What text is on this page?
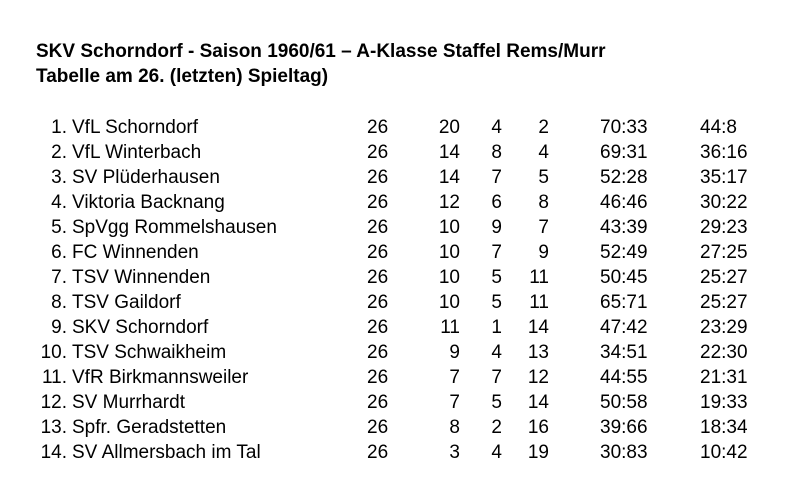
SKV Schorndorf - Saison 1960/61 – A-Klasse Staffel Rems/Murr
Tabelle am 26. (letzten) Spieltag)
1. VfL Schorndorf	26	20	4	2	70:33	44:8
2. VfL Winterbach	26	14	8	4	69:31	36:16
3. SV Plüderhausen	26	14	7	5	52:28	35:17
4. Viktoria Backnang	26	12	6	8	46:46	30:22
5. SpVgg Rommelshausen	26	10	9	7	43:39	29:23
6. FC Winnenden	26	10	7	9	52:49	27:25
7. TSV Winnenden	26	10	5	11	50:45	25:27
8. TSV Gaildorf	26	10	5	11	65:71	25:27
9. SKV Schorndorf	26	11	1	14	47:42	23:29
10. TSV Schwaikheim	26	9	4	13	34:51	22:30
11. VfR Birkmannsweiler	26	7	7	12	44:55	21:31
12. SV Murrhardt	26	7	5	14	50:58	19:33
13. Spfr. Geradstetten	26	8	2	16	39:66	18:34
14. SV Allmersbach im Tal	26	3	4	19	30:83	10:42
